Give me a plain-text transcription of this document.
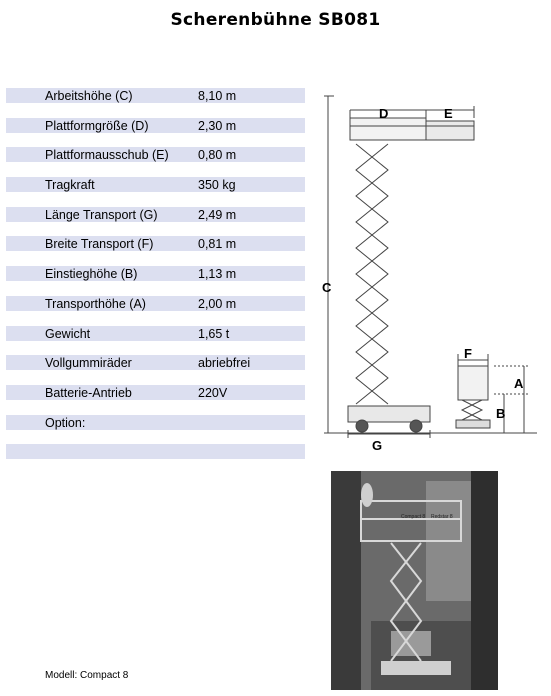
Scherenbühne SB081
Arbeitshöhe (C)	8,10 m
Plattformgröße (D)	2,30 m
Plattformausschub (E) 0,80 m
Tragkraft	350 kg
Länge Transport (G)	2,49 m
Breite Transport (F)	0,81 m
Einstieghöhe (B)	1,13 m
Transporthöhe (A)	2,00 m
Gewicht	1,65 t
Vollgummiräder	abriebfrei
Batterie-Antrieb	220V
Option:
D	E
C
G
F
A
B
Compact 8 Redstar 8
Modell: Compact 8
